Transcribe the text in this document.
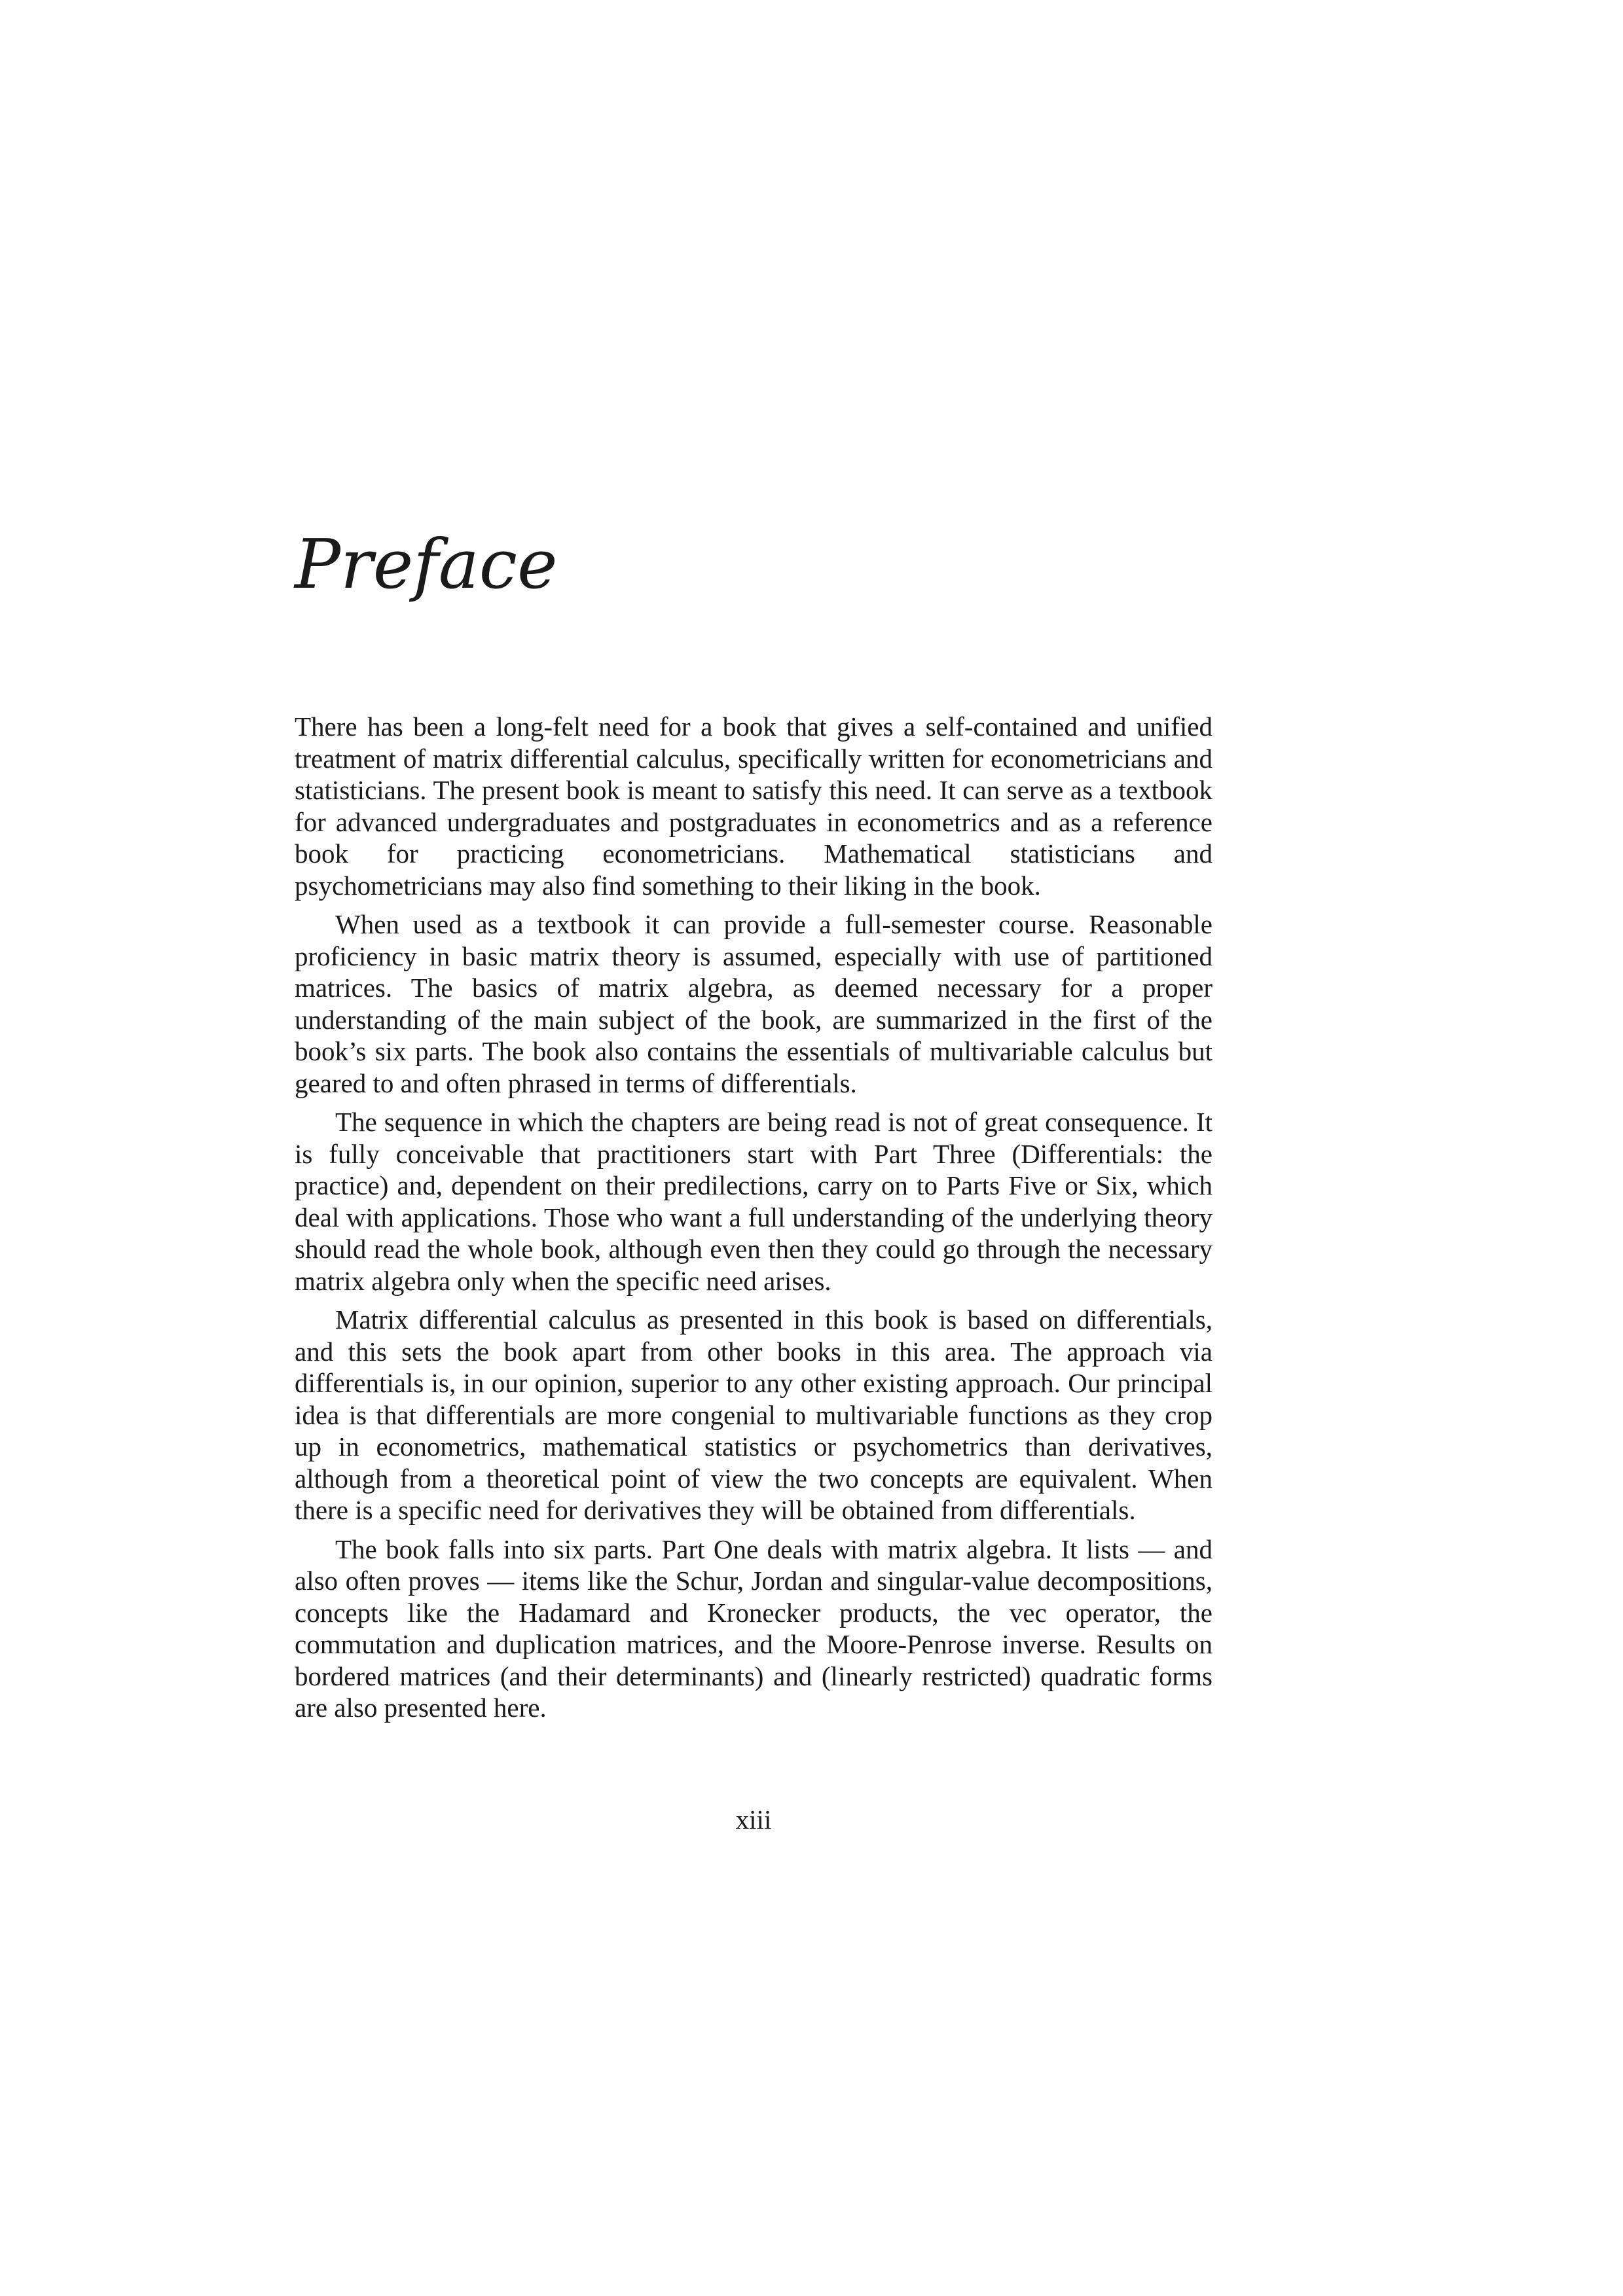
Preface

There has been a long-felt need for a book that gives a self-contained and unified treatment of matrix differential calculus, specifically written for econometricians and statisticians. The present book is meant to satisfy this need. It can serve as a textbook for advanced undergraduates and postgraduates in econometrics and as a reference book for practicing econometricians. Mathematical statisticians and psychometricians may also find something to their liking in the book.

When used as a textbook it can provide a full-semester course. Reasonable proficiency in basic matrix theory is assumed, especially with use of partitioned matrices. The basics of matrix algebra, as deemed necessary for a proper understanding of the main subject of the book, are summarized in the first of the book’s six parts. The book also contains the essentials of multivariable calculus but geared to and often phrased in terms of differentials.

The sequence in which the chapters are being read is not of great consequence. It is fully conceivable that practitioners start with Part Three (Differentials: the practice) and, dependent on their predilections, carry on to Parts Five or Six, which deal with applications. Those who want a full understanding of the underlying theory should read the whole book, although even then they could go through the necessary matrix algebra only when the specific need arises.

Matrix differential calculus as presented in this book is based on differentials, and this sets the book apart from other books in this area. The approach via differentials is, in our opinion, superior to any other existing approach. Our principal idea is that differentials are more congenial to multivariable functions as they crop up in econometrics, mathematical statistics or psychometrics than derivatives, although from a theoretical point of view the two concepts are equivalent. When there is a specific need for derivatives they will be obtained from differentials.

The book falls into six parts. Part One deals with matrix algebra. It lists — and also often proves — items like the Schur, Jordan and singular-value decompositions, concepts like the Hadamard and Kronecker products, the vec operator, the commutation and duplication matrices, and the Moore-Penrose inverse. Results on bordered matrices (and their determinants) and (linearly restricted) quadratic forms are also presented here.

xiii
